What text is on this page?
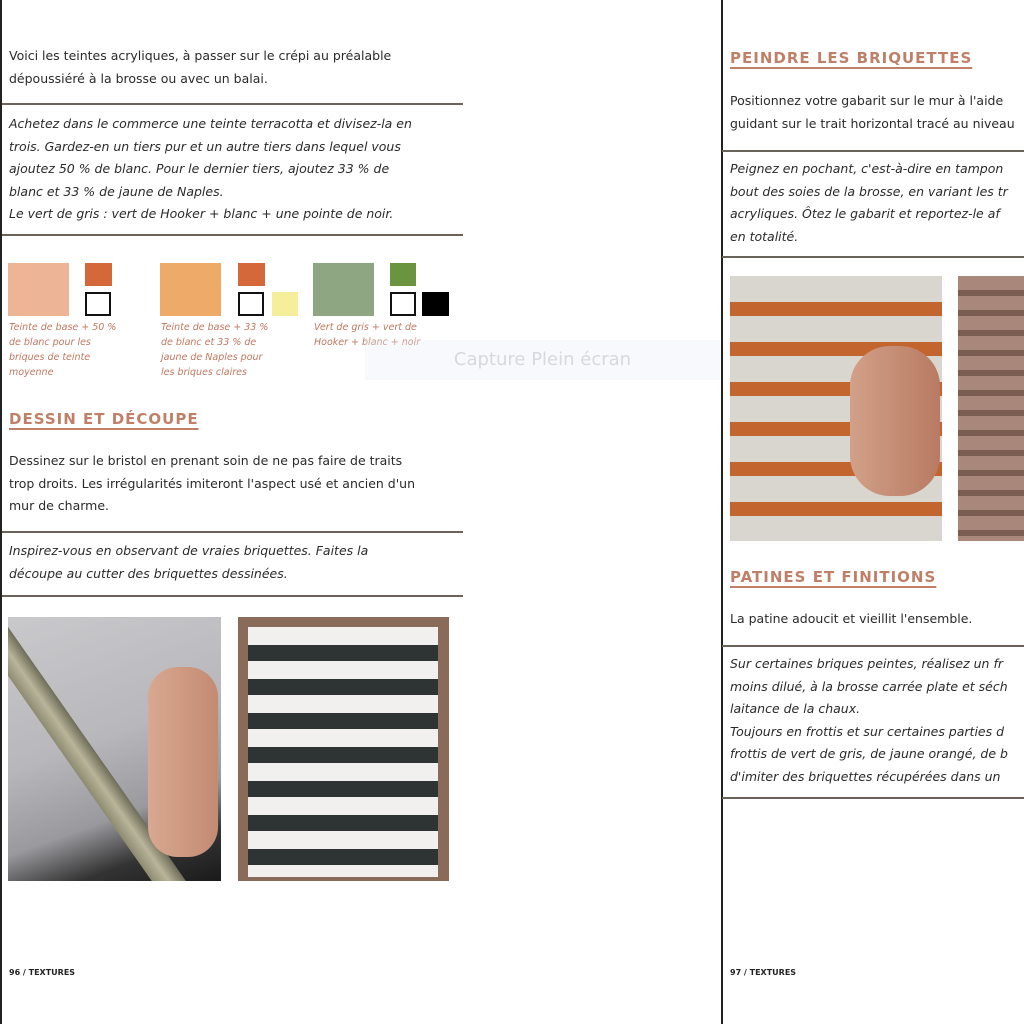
Voici les teintes acryliques, à passer sur le crépi au préalable
dépoussiéré à la brosse ou avec un balai.
Achetez dans le commerce une teinte terracotta et divisez-la en
trois. Gardez-en un tiers pur et un autre tiers dans lequel vous
ajoutez 50 % de blanc. Pour le dernier tiers, ajoutez 33 % de
blanc et 33 % de jaune de Naples.
Le vert de gris : vert de Hooker + blanc + une pointe de noir.
Teinte de base + 50 %
de blanc pour les
briques de teinte
moyenne
Teinte de base + 33 %
de blanc et 33 % de
jaune de Naples pour
les briques claires
Vert de gris + vert de
Hooker + blanc + noir
DESSIN ET DÉCOUPE
Dessinez sur le bristol en prenant soin de ne pas faire de traits
trop droits. Les irrégularités imiteront l'aspect usé et ancien d'un
mur de charme.
Inspirez-vous en observant de vraies briquettes. Faites la
découpe au cutter des briquettes dessinées.
96 / TEXTURES
PEINDRE LES BRIQUETTES
Positionnez votre gabarit sur le mur à l'aide
guidant sur le trait horizontal tracé au niveau
Peignez en pochant, c'est-à-dire en tampon
bout des soies de la brosse, en variant les tr
acryliques. Ôtez le gabarit et reportez-le af
en totalité.
PATINES ET FINITIONS
La patine adoucit et vieillit l'ensemble.
Sur certaines briques peintes, réalisez un fr
moins dilué, à la brosse carrée plate et séch
laitance de la chaux.
Toujours en frottis et sur certaines parties d
frottis de vert de gris, de jaune orangé, de b
d'imiter des briquettes récupérées dans un
97 / TEXTURES
Capture Plein écran
